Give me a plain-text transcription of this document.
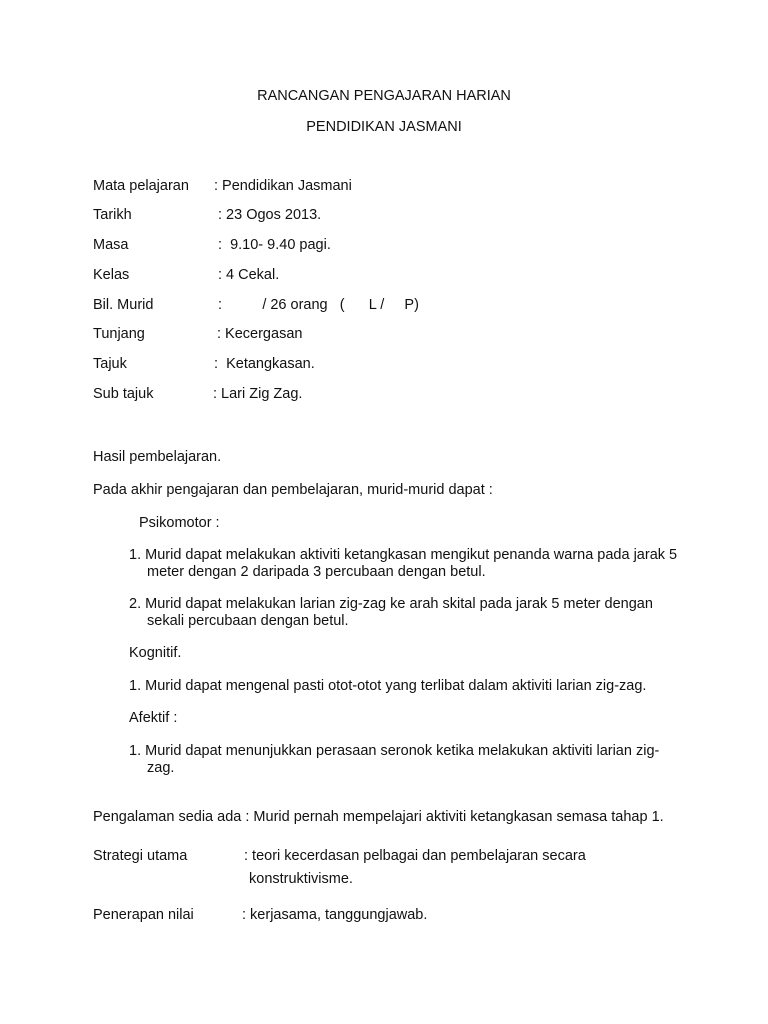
RANCANGAN PENGAJARAN HARIAN
PENDIDIKAN JASMANI
Mata pelajaran : Pendidikan Jasmani
Tarikh	: 23 Ogos 2013.
Masa	:  9.10- 9.40 pagi.
Kelas	: 4 Cekal.
Bil. Murid	:          / 26 orang   (      L /     P)
Tunjang	: Kecergasan
Tajuk	:  Ketangkasan.
Sub tajuk	: Lari Zig Zag.
Hasil pembelajaran.
Pada akhir pengajaran dan pembelajaran, murid-murid dapat :
Psikomotor :
1. Murid dapat melakukan aktiviti ketangkasan mengikut penanda warna pada jarak 5
meter dengan 2 daripada 3 percubaan dengan betul.
2. Murid dapat melakukan larian zig-zag ke arah skital pada jarak 5 meter dengan
sekali percubaan dengan betul.
Kognitif.
1. Murid dapat mengenal pasti otot-otot yang terlibat dalam aktiviti larian zig-zag.
Afektif :
1. Murid dapat menunjukkan perasaan seronok ketika melakukan aktiviti larian zig-
zag.
Pengalaman sedia ada : Murid pernah mempelajari aktiviti ketangkasan semasa tahap 1.
Strategi utama	: teori kecerdasan pelbagai dan pembelajaran secara
konstruktivisme.
Penerapan nilai	: kerjasama, tanggungjawab.
